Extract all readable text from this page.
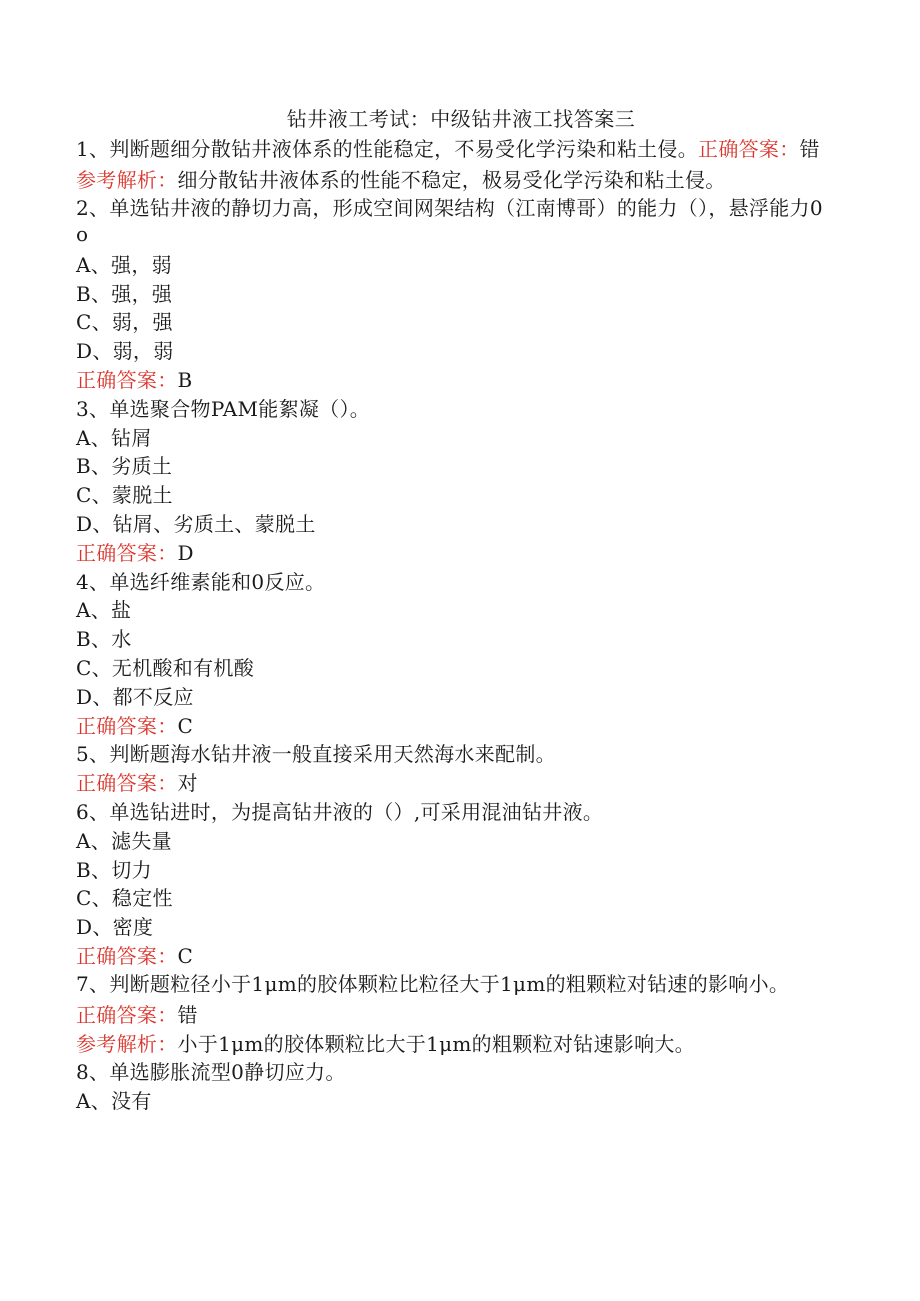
钻井液工考试：中级钻井液工找答案三
1、判断题细分散钻井液体系的性能稳定，不易受化学污染和粘土侵。正确答案：错
参考解析：细分散钻井液体系的性能不稳定，极易受化学污染和粘土侵。
2、单选钻井液的静切力高，形成空间网架结构（江南博哥）的能力（），悬浮能力0o
A、强，弱
B、强，强
C、弱，强
D、弱，弱
正确答案：B
3、单选聚合物PAM能絮凝（）。
A、钻屑
B、劣质土
C、蒙脱土
D、钻屑、劣质土、蒙脱土
正确答案：D
4、单选纤维素能和0反应。
A、盐
B、水
C、无机酸和有机酸
D、都不反应
正确答案：C
5、判断题海水钻井液一般直接采用天然海水来配制。
正确答案：对
6、单选钻进时，为提高钻井液的（）,可采用混油钻井液。
A、滤失量
B、切力
C、稳定性
D、密度
正确答案：C
7、判断题粒径小于1μm的胶体颗粒比粒径大于1μm的粗颗粒对钻速的影响小。
正确答案：错
参考解析：小于1μm的胶体颗粒比大于1μm的粗颗粒对钻速影响大。
8、单选膨胀流型0静切应力。
A、没有
